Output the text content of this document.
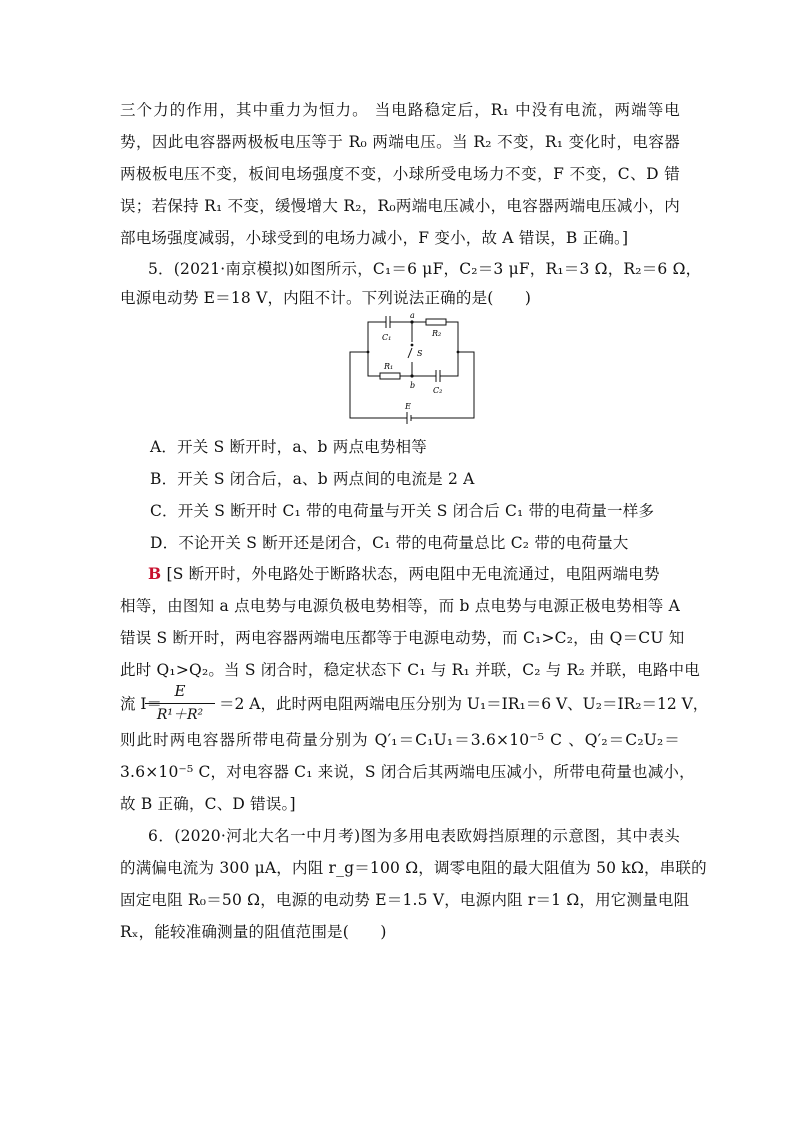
三个力的作用，其中重力为恒力。 当电路稳定后，R₁ 中没有电流，两端等电
势，因此电容器两极板电压等于 R₀ 两端电压。当 R₂ 不变，R₁ 变化时，电容器
两极板电压不变，板间电场强度不变，小球所受电场力不变，F 不变，C、D 错
误；若保持 R₁ 不变，缓慢增大 R₂，R₀两端电压减小，电容器两端电压减小，内
部电场强度减弱，小球受到的电场力减小，F 变小，故 A 错误，B 正确。]
5．(2021·南京模拟)如图所示，C₁＝6 μF，C₂＝3 μF，R₁＝3 Ω，R₂＝6 Ω，
电源电动势 E＝18 V，内阻不计。下列说法正确的是(　　)
C₁	R₂
a
S
R₁
b
C₂
E
A．开关 S 断开时，a、b 两点电势相等
B．开关 S 闭合后，a、b 两点间的电流是 2 A
C．开关 S 断开时 C₁ 带的电荷量与开关 S 闭合后 C₁ 带的电荷量一样多
D．不论开关 S 断开还是闭合，C₁ 带的电荷量总比 C₂ 带的电荷量大
B [S 断开时，外电路处于断路状态，两电阻中无电流通过，电阻两端电势
相等，由图知 a 点电势与电源负极电势相等，而 b 点电势与电源正极电势相等 A
错误 S 断开时，两电容器两端电压都等于电源电动势，而 C₁>C₂，由 Q＝CU 知
此时 Q₁>Q₂。当 S 闭合时，稳定状态下 C₁ 与 R₁ 并联，C₂ 与 R₂ 并联，电路中电
流 I＝
E
R¹＋R²
＝2 A，此时两电阻两端电压分别为 U₁＝IR₁＝6 V、U₂＝IR₂＝12 V，
则此时两电容器所带电荷量分别为 Q′₁＝C₁U₁＝3.6×10⁻⁵ C 、Q′₂＝C₂U₂＝
3.6×10⁻⁵ C，对电容器 C₁ 来说，S 闭合后其两端电压减小，所带电荷量也减小，
故 B 正确，C、D 错误。]
6．(2020·河北大名一中月考)图为多用电表欧姆挡原理的示意图，其中表头
的满偏电流为 300 μA，内阻 r_g＝100 Ω，调零电阻的最大阻值为 50 kΩ，串联的
固定电阻 R₀＝50 Ω，电源的电动势 E＝1.5 V，电源内阻 r＝1 Ω，用它测量电阻
Rₓ，能较准确测量的阻值范围是(　　)
